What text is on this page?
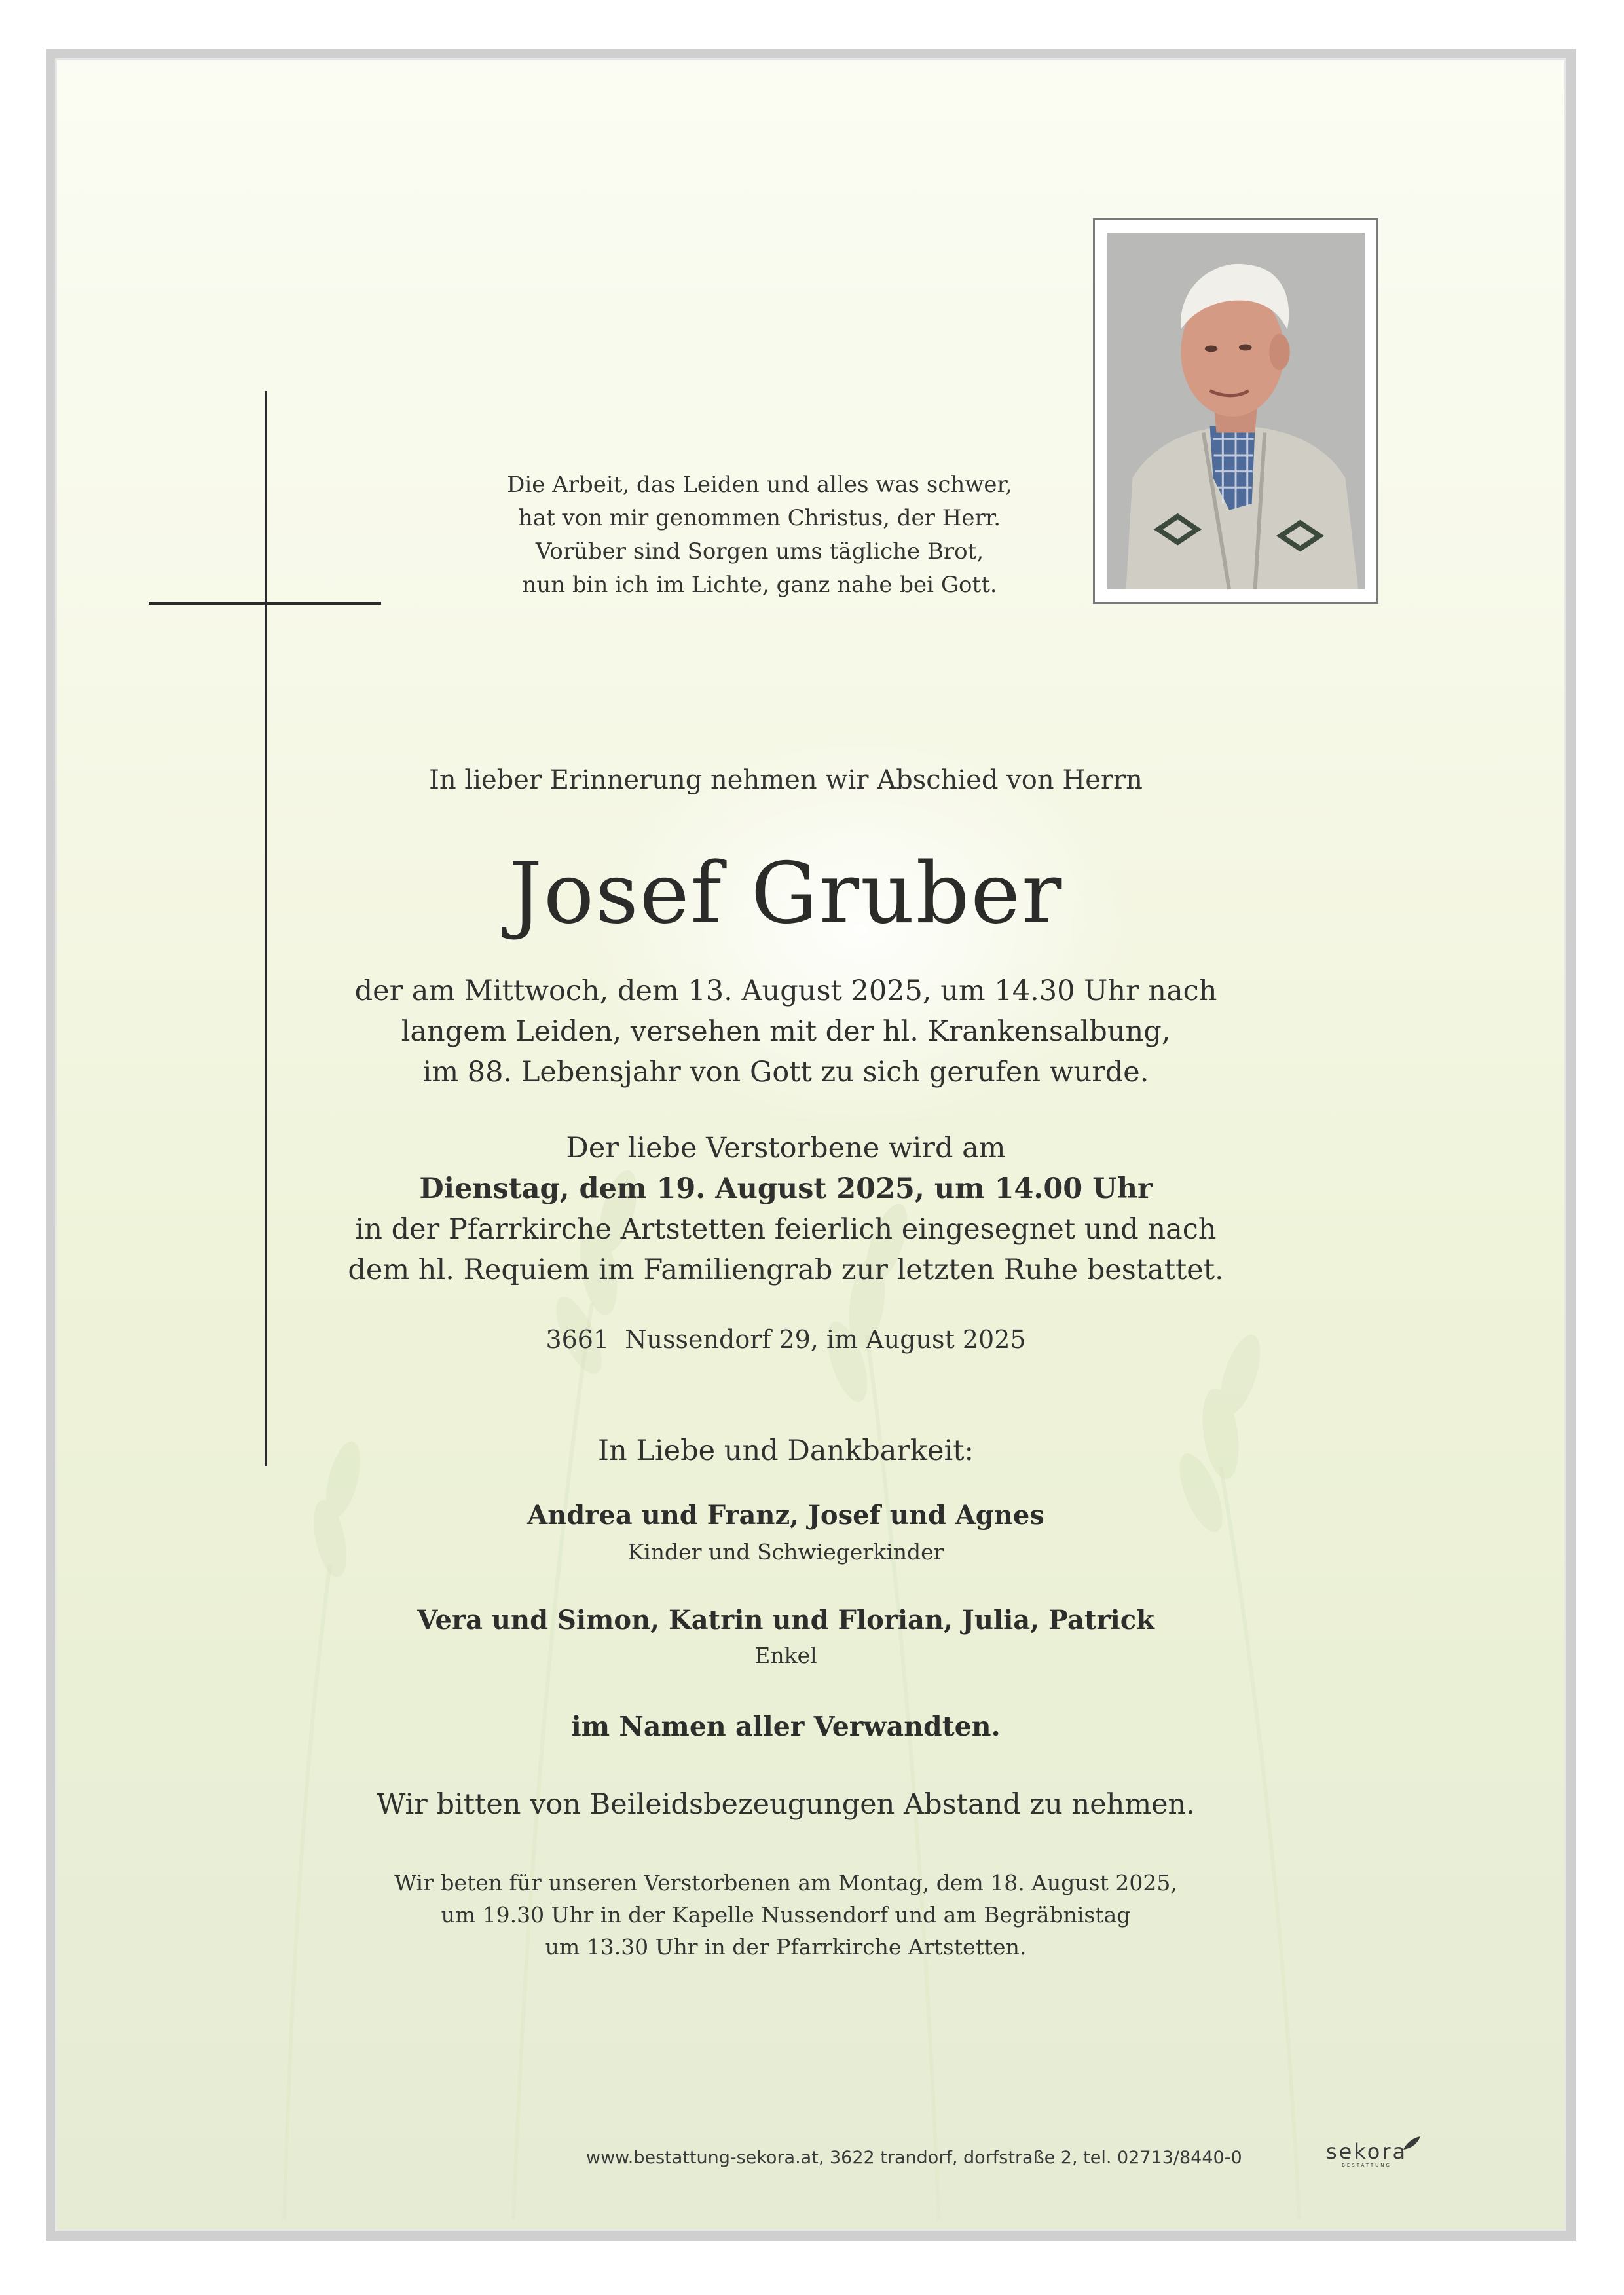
Die Arbeit, das Leiden und alles was schwer,
hat von mir genommen Christus, der Herr.
Vorüber sind Sorgen ums tägliche Brot,
nun bin ich im Lichte, ganz nahe bei Gott.
In lieber Erinnerung nehmen wir Abschied von Herrn
Josef Gruber
der am Mittwoch, dem 13. August 2025, um 14.30 Uhr nach
langem Leiden, versehen mit der hl. Krankensalbung,
im 88. Lebensjahr von Gott zu sich gerufen wurde.
Der liebe Verstorbene wird am
Dienstag, dem 19. August 2025, um 14.00 Uhr
in der Pfarrkirche Artstetten feierlich eingesegnet und nach
dem hl. Requiem im Familiengrab zur letzten Ruhe bestattet.
3661  Nussendorf 29, im August 2025
In Liebe und Dankbarkeit:
Andrea und Franz, Josef und Agnes
Kinder und Schwiegerkinder
Vera und Simon, Katrin und Florian, Julia, Patrick
Enkel
im Namen aller Verwandten.
Wir bitten von Beileidsbezeugungen Abstand zu nehmen.
Wir beten für unseren Verstorbenen am Montag, dem 18. August 2025,
um 19.30 Uhr in der Kapelle Nussendorf und am Begräbnistag
um 13.30 Uhr in der Pfarrkirche Artstetten.
www.bestattung-sekora.at, 3622 trandorf, dorfstraße 2, tel. 02713/8440-0	sekora
BESTATTUNG
